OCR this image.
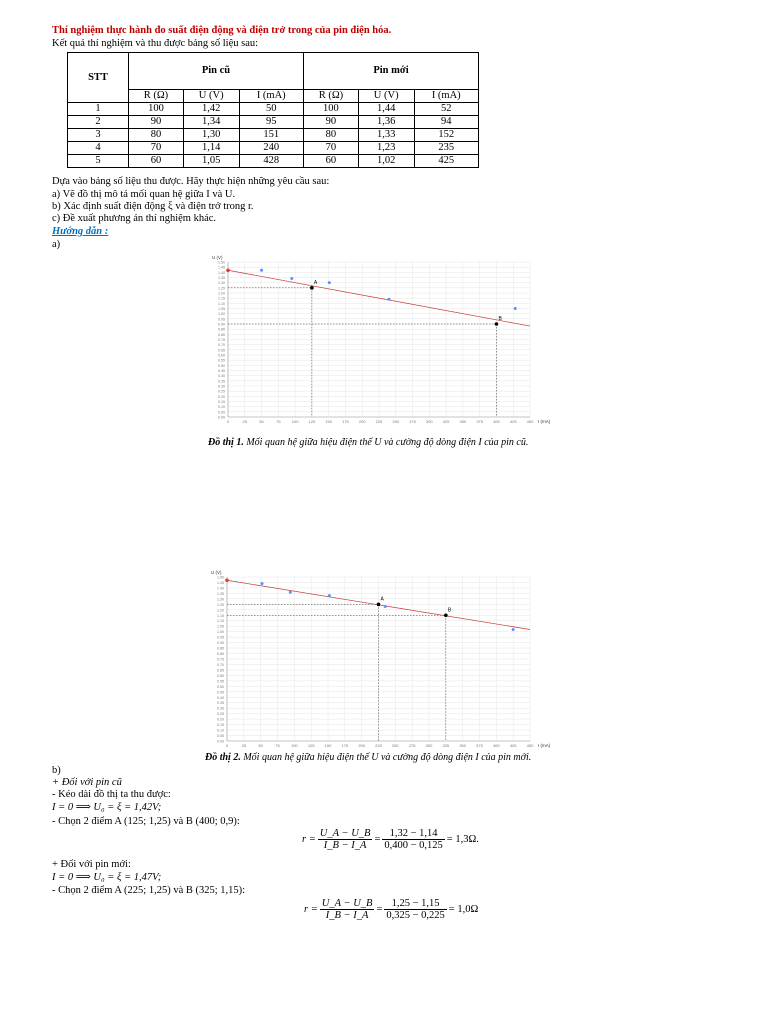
Thí nghiệm thực hành đo suất điện động và điện trở trong của pin điện hóa.
Kết quả thí nghiệm và thu được bảng số liệu sau:
STT	Pin cũ			Pin mới		
	R (Ω)	U (V)	I (mA)	R (Ω)	U (V)	I (mA)
1	100	1,42	50	100	1,44	52
2	90	1,34	95	90	1,36	94
3	80	1,30	151	80	1,33	152
4	70	1,14	240	70	1,23	235
5	60	1,05	428	60	1,02	425
Dựa vào bảng số liệu thu được. Hãy thực hiện những yêu cầu sau:
a) Vẽ đồ thị mô tả mối quan hệ giữa I và U.
b) Xác định suất điện động ξ và điện trở trong r.
c) Đề xuất phương án thí nghiệm khác.
Hướng dẫn :
a)
0.00
0.05
0.10
0.15
0.20
0.25
0.30
0.35
0.40
0.45
0.50
0.55
0.60
0.65
0.70
0.75
0.80
0.85
0.90
0.95
1.00
1.05
1.10
1.15
1.20
1.25
1.30
1.35
1.40
1.45
1.50
0	25	50	75	100	125	150	175	200	225	250	275	300	325	350	375	400	425	450
U (V)
I (mA)
A
B
Đồ thị 1. Mối quan hệ giữa hiệu điện thế U và cường độ dòng điện I của pin cũ.
0.00
0.05
0.10
0.15
0.20
0.25
0.30
0.35
0.40
0.45
0.50
0.55
0.60
0.65
0.70
0.75
0.80
0.85
0.90
0.95
1.00
1.05
1.10
1.15
1.20
1.25
1.30
1.35
1.40
1.45
1.50
0	25	50	75	100	125	150	175	200	225	250	275	300	325	350	375	400	425	450
U (V)
I (mA)
A
B
Đồ thị 2. Mối quan hệ giữa hiệu điện thế U và cường độ dòng điện I của pin mới.
b)
+ Đối với pin cũ
- Kéo dài đồ thị ta thu được:
I = 0 ⟹ U₀ = ξ = 1,42V;
- Chọn 2 điểm A (125; 1,25) và B (400; 0,9):
$r = \frac{U\_A - U\_B}{I\_B - I\_A} = \frac{1,32 - 1,14}{0,400 - 0,125} = 1,3\Omega$.
+ Đối với pin mới:
I = 0 ⟹ U₀ = ξ = 1,47V;
- Chọn 2 điểm A (225; 1,25) và B (325; 1,15):
$r = \frac{U\_A - U\_B}{I\_B - I\_A} = \frac{1,25 - 1,15}{0,325 - 0,225} = 1,0\Omega$
